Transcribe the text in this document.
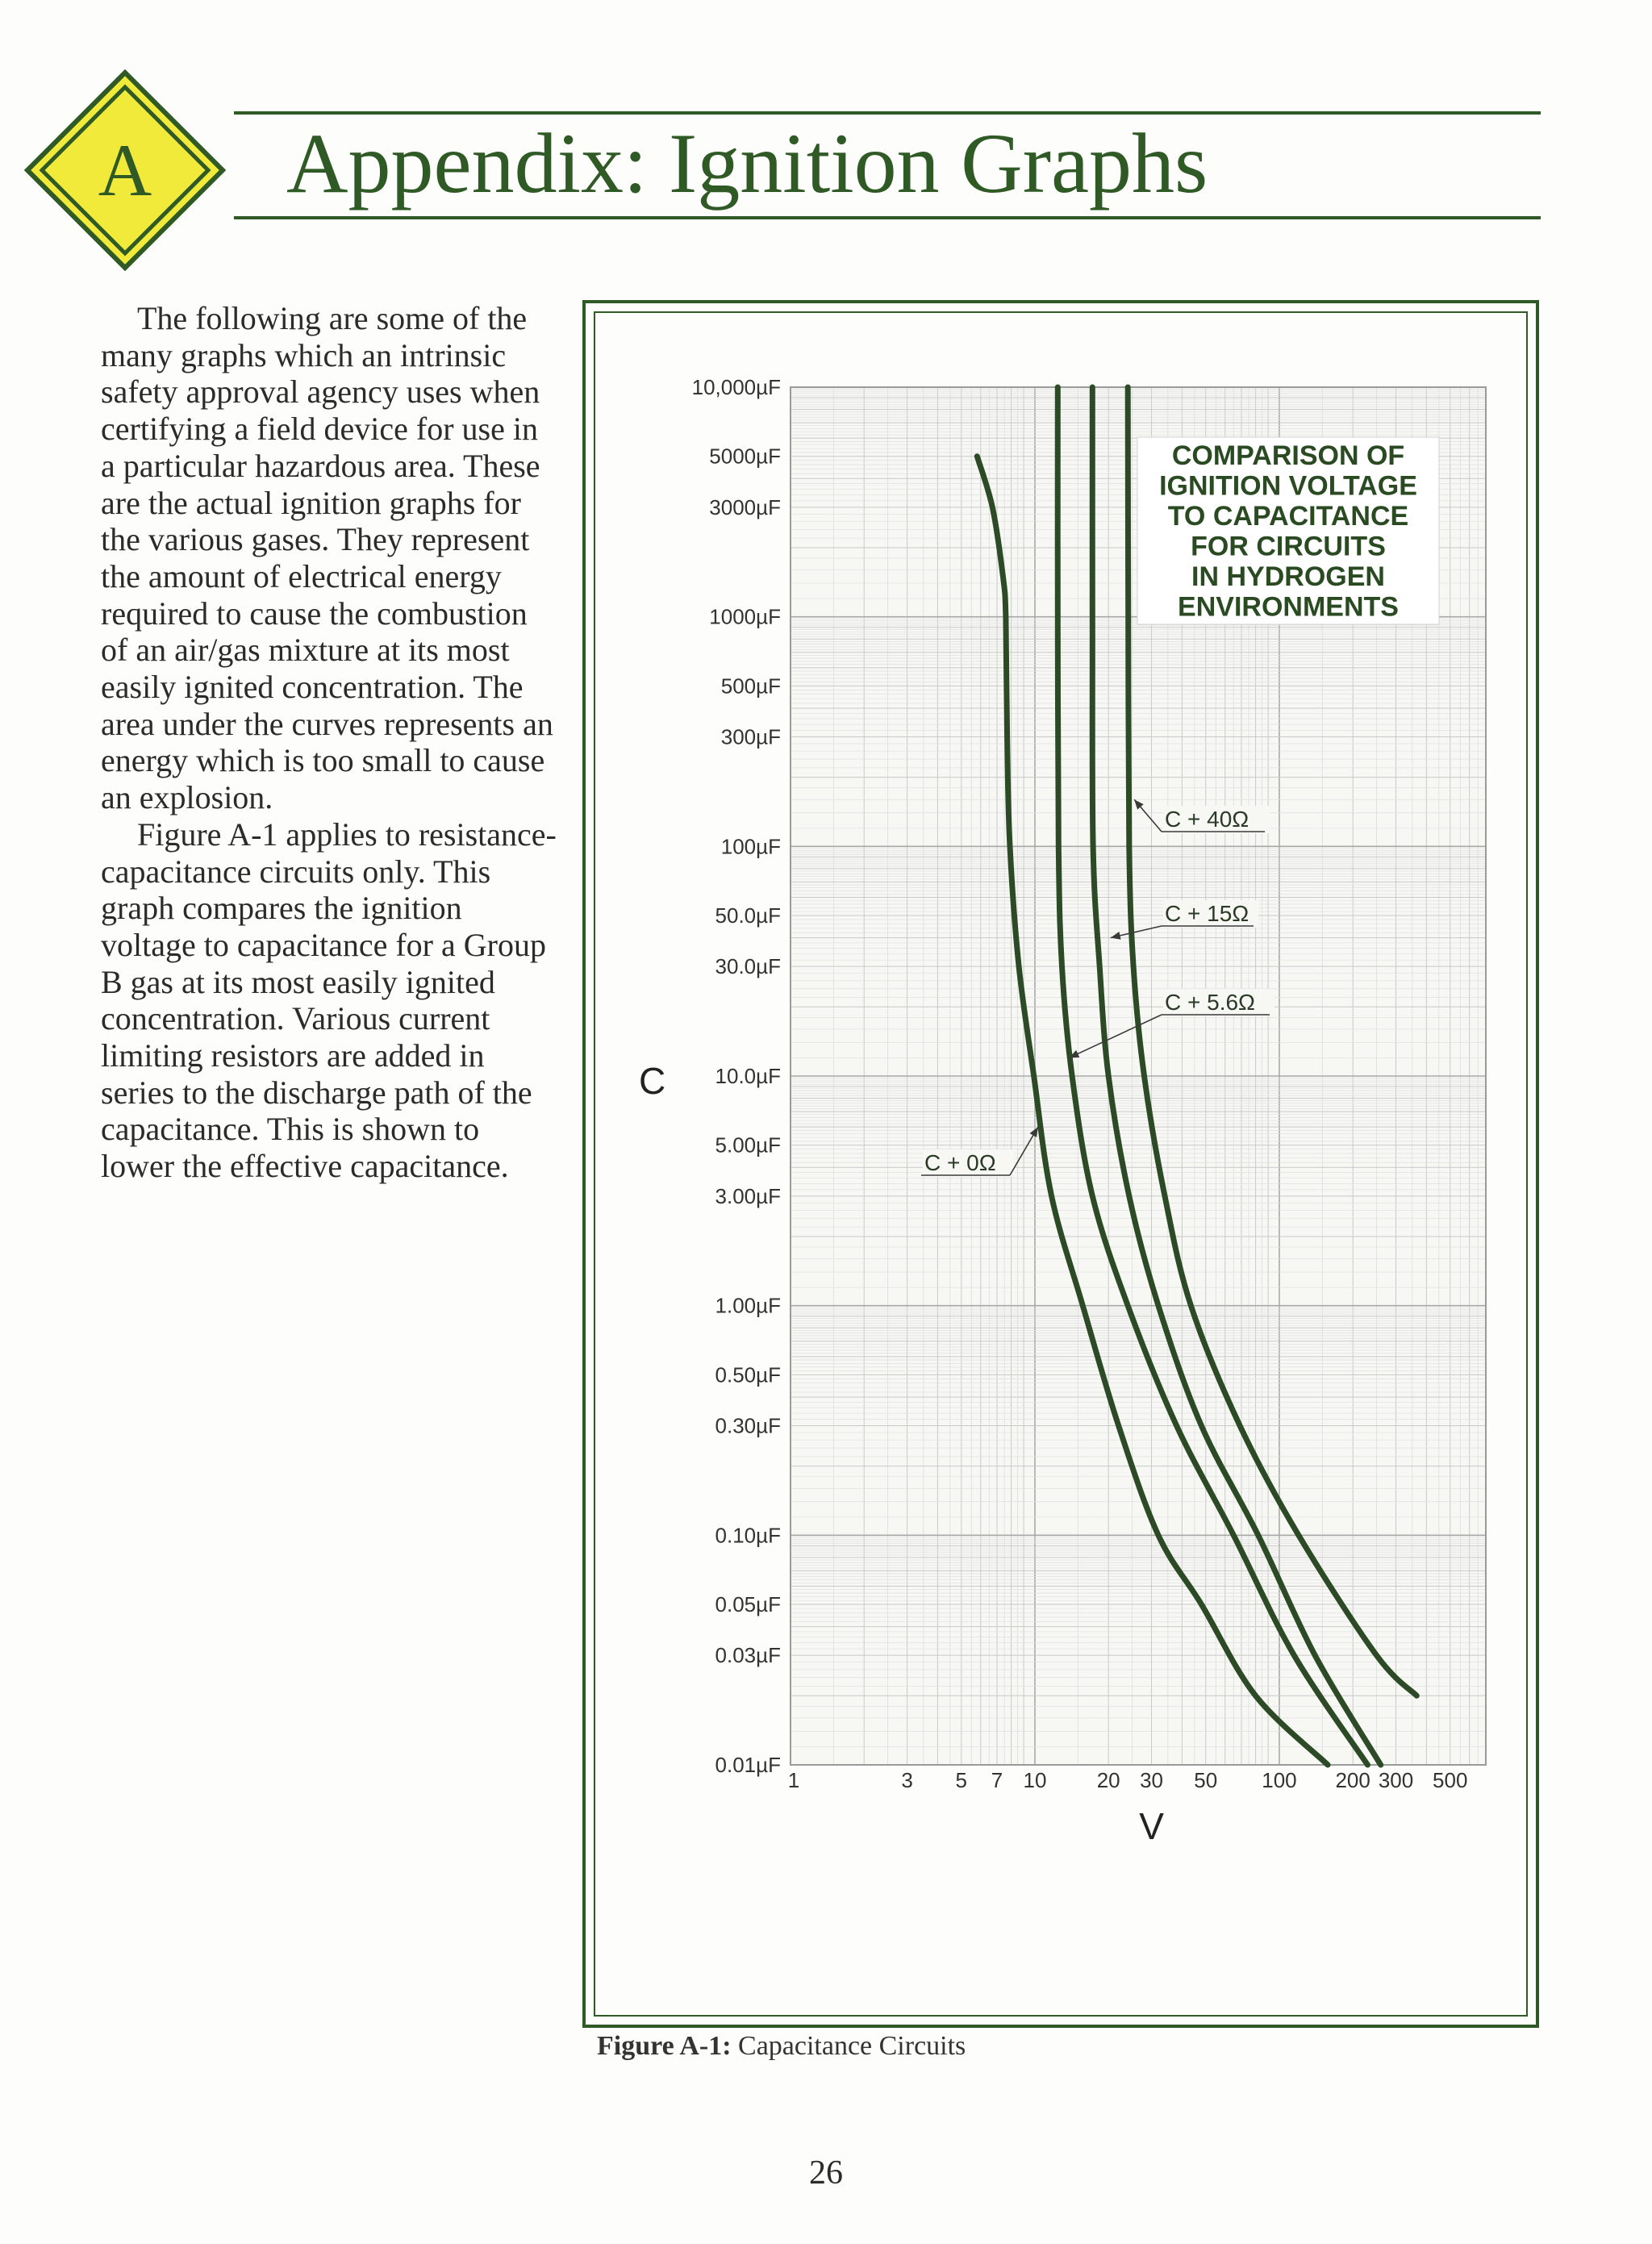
A	Appendix: Ignition Graphs

The following are some of the many graphs which an intrinsic safety approval agency uses when certifying a field device for use in a particular hazardous area. These are the actual ignition graphs for the various gases. They represent the amount of electrical energy required to cause the combustion of an air/gas mixture at its most easily ignited concentration. The area under the curves represents an energy which is too small to cause an explosion.

Figure A-1 applies to resistance-capacitance circuits only. This graph compares the ignition voltage to capacitance for a Group B gas at its most easily ignited concentration. Various current limiting resistors are added in series to the discharge path of the capacitance. This is shown to lower the effective capacitance.

10,000µF
5000µF
3000µF
1000µF
500µF
300µF
100µF
50.0µF
30.0µF
10.0µF
5.00µF
3.00µF
1.00µF
0.50µF
0.30µF
0.10µF
0.05µF
0.03µF
0.01µF
1	3 5 7 10 20 30 50 100 200 300 500
C
V
COMPARISON OF
IGNITION VOLTAGE
TO CAPACITANCE
FOR CIRCUITS
IN HYDROGEN
ENVIRONMENTS
C + 0Ω
C + 5.6Ω
C + 15Ω
C + 40Ω
Figure A-1: Capacitance Circuits
26
